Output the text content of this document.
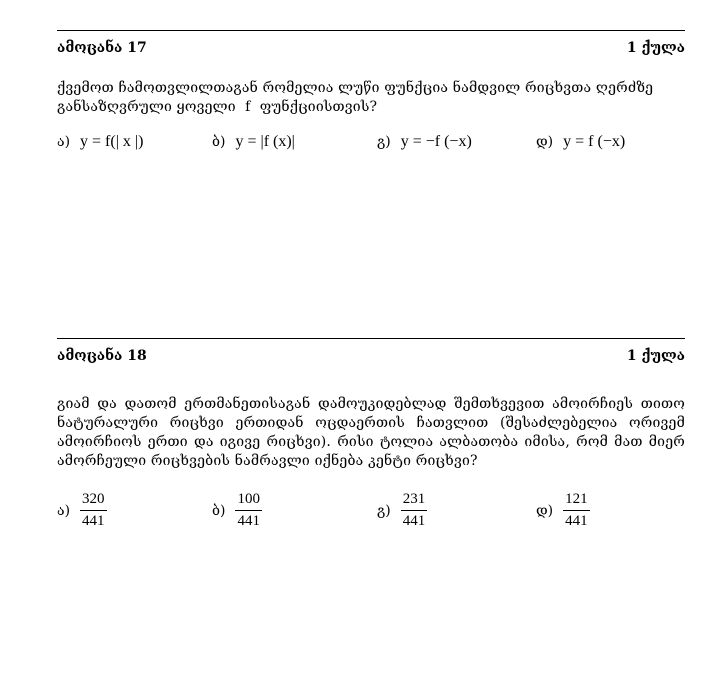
ამოცანა 17	1 ქულა
ქვემოთ ჩამოთვლილთაგან რომელია ლუწი ფუნქცია ნამდვილ რიცხვთა ღერძზე
განსაზღვრული ყოველი  f  ფუნქციისთვის?
ა) y = f(| x |)	ბ) y = |f (x)|	გ) y = −f (−x)	დ) y = f (−x)
ამოცანა 18	1 ქულა
გიამ და დათომ ერთმანეთისაგან დამოუკიდებლად შემთხვევით ამოირჩიეს თითო ნატურალური რიცხვი ერთიდან ოცდაერთის ჩათვლით (შესაძლებელია ორივემ ამოირჩიოს ერთი და იგივე რიცხვი). რისი ტოლია ალბათობა იმისა, რომ მათ მიერ ამორჩეული რიცხვების ნამრავლი იქნება კენტი რიცხვი?
ა) $\frac{320}{441}$	ბ) $\frac{100}{441}$	გ) $\frac{231}{441}$	დ) $\frac{121}{441}$
